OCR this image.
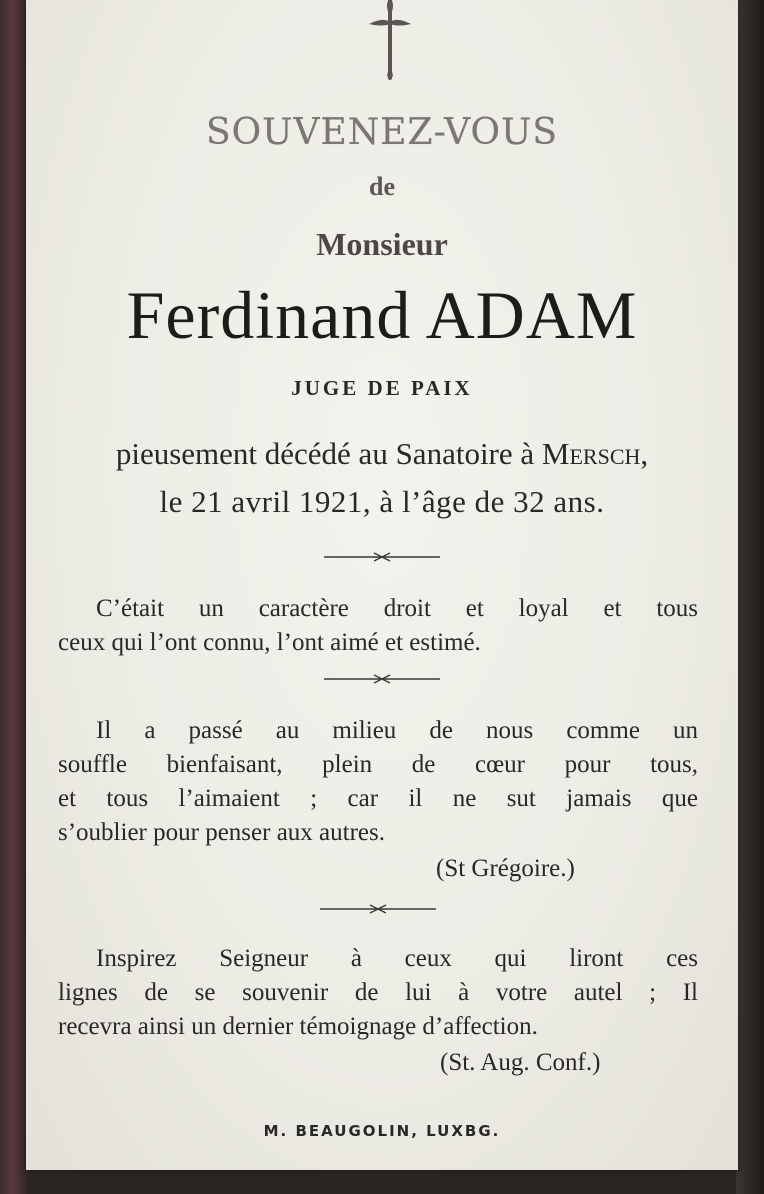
SOUVENEZ-VOUS
de
Monsieur
Ferdinand ADAM
JUGE DE PAIX
pieusement décédé au Sanatoire à Mersch,
le 21 avril 1921, à l’âge de 32 ans.
C’était un caractère droit et loyal et tous
ceux qui l’ont connu, l’ont aimé et estimé.
Il a passé au milieu de nous comme un
souffle bienfaisant, plein de cœur pour tous,
et tous l’aimaient ; car il ne sut jamais que
s’oublier pour penser aux autres.
(St Grégoire.)
Inspirez Seigneur à ceux qui liront ces
lignes de se souvenir de lui à votre autel ; Il
recevra ainsi un dernier témoignage d’affection.
(St. Aug. Conf.)
M. BEAUGOLIN, LUXBG.
